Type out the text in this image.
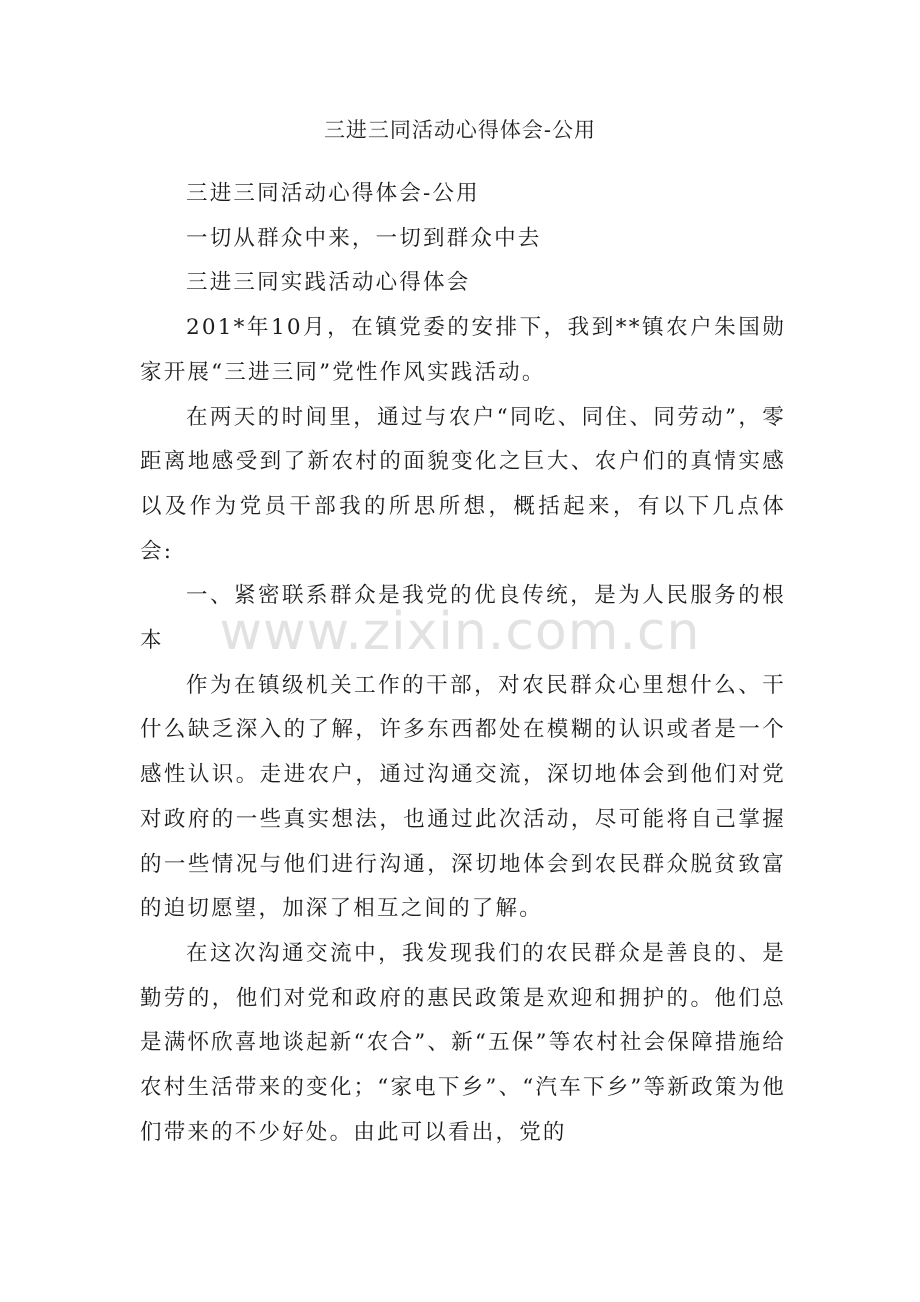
三进三同活动心得体会-公用

三进三同活动心得体会-公用

一切从群众中来，一切到群众中去

三进三同实践活动心得体会

201*年10月，在镇党委的安排下，我到**镇农户朱国勋家开展“三进三同”党性作风实践活动。

在两天的时间里，通过与农户“同吃、同住、同劳动”，零距离地感受到了新农村的面貌变化之巨大、农户们的真情实感以及作为党员干部我的所思所想，概括起来，有以下几点体会:

一、紧密联系群众是我党的优良传统，是为人民服务的根本

作为在镇级机关工作的干部，对农民群众心里想什么、干什么缺乏深入的了解，许多东西都处在模糊的认识或者是一个感性认识。走进农户，通过沟通交流，深切地体会到他们对党对政府的一些真实想法，也通过此次活动，尽可能将自己掌握的一些情况与他们进行沟通，深切地体会到农民群众脱贫致富的迫切愿望，加深了相互之间的了解。

在这次沟通交流中，我发现我们的农民群众是善良的、是勤劳的，他们对党和政府的惠民政策是欢迎和拥护的。他们总是满怀欣喜地谈起新“农合”、新“五保”等农村社会保障措施给农村生活带来的变化；“家电下乡”、“汽车下乡”等新政策为他们带来的不少好处。由此可以看出，党的

www.zixin.com.cn
